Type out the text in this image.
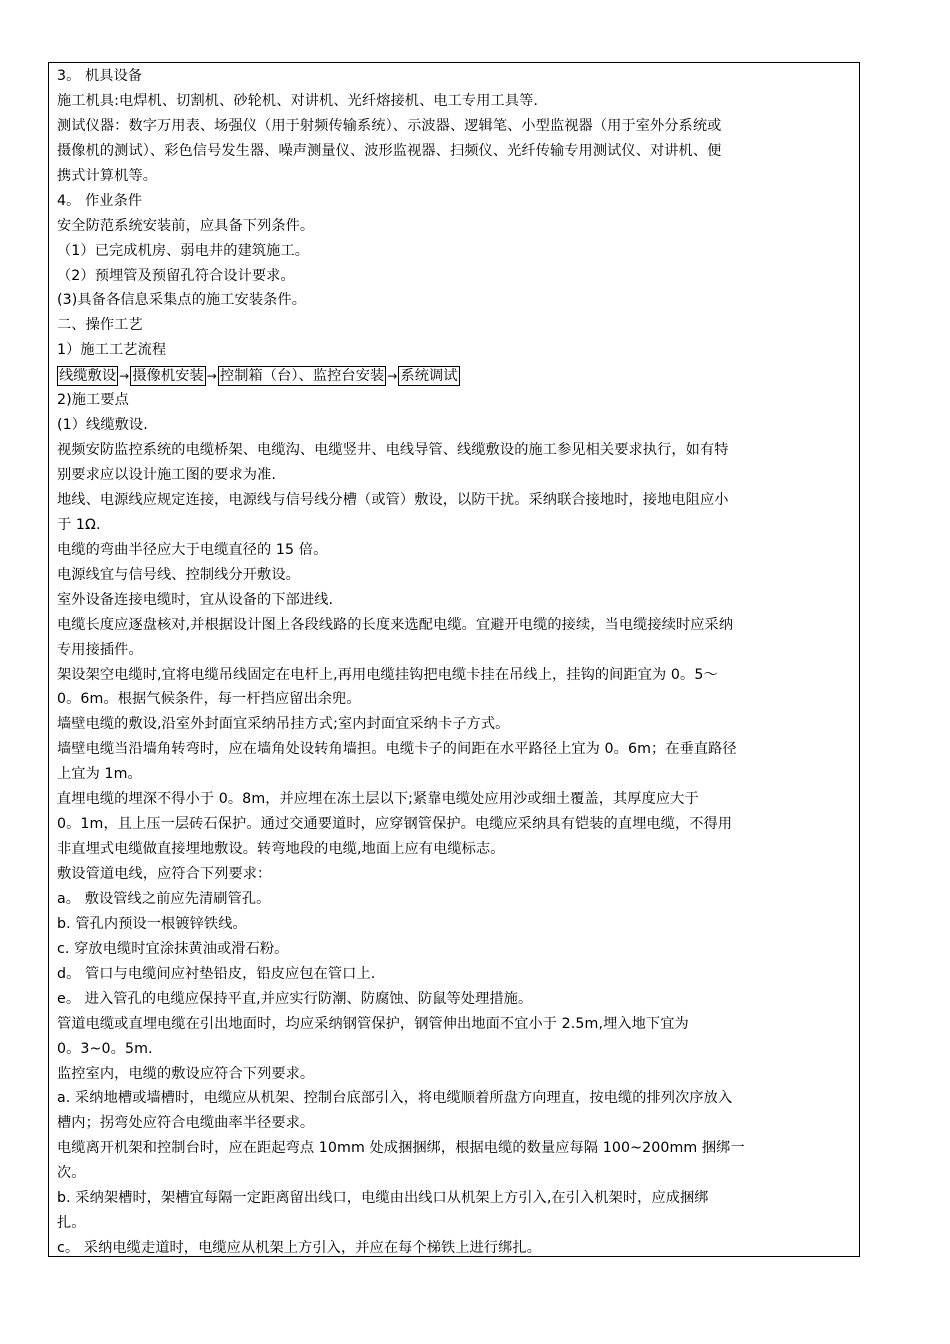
3。 机具设备
施工机具:电焊机、切割机、砂轮机、对讲机、光纤熔接机、电工专用工具等.
测试仪器：数字万用表、场强仪（用于射频传输系统）、示波器、逻辑笔、小型监视器（用于室外分系统或
摄像机的测试）、彩色信号发生器、噪声测量仪、波形监视器、扫频仪、光纤传输专用测试仪、对讲机、便
携式计算机等。
4。 作业条件
安全防范系统安装前，应具备下列条件。
（1）已完成机房、弱电井的建筑施工。
（2）预埋管及预留孔符合设计要求。
(3)具备各信息采集点的施工安装条件。
二、操作工艺
1）施工工艺流程
线缆敷设 → 摄像机安装 → 控制箱（台）、监控台安装 → 系统调试
2)施工要点
(1）线缆敷设.
视频安防监控系统的电缆桥架、电缆沟、电缆竖井、电线导管、线缆敷设的施工参见相关要求执行，如有特
别要求应以设计施工图的要求为准.
地线、电源线应规定连接，电源线与信号线分槽（或管）敷设，以防干扰。采纳联合接地时，接地电阻应小
于 1Ω.
电缆的弯曲半径应大于电缆直径的 15 倍。
电源线宜与信号线、控制线分开敷设。
室外设备连接电缆时，宜从设备的下部进线.
电缆长度应逐盘核对,并根据设计图上各段线路的长度来选配电缆。宜避开电缆的接续，当电缆接续时应采纳
专用接插件。
架设架空电缆时,宜将电缆吊线固定在电杆上,再用电缆挂钩把电缆卡挂在吊线上，挂钩的间距宜为 0。5～
0。6m。根据气候条件，每一杆挡应留出余兜。
墙壁电缆的敷设,沿室外封面宜采纳吊挂方式;室内封面宜采纳卡子方式。
墙壁电缆当沿墙角转弯时，应在墙角处设转角墙担。电缆卡子的间距在水平路径上宜为 0。6m；在垂直路径
上宜为 1m。
直埋电缆的埋深不得小于 0。8m，并应埋在冻土层以下;紧靠电缆处应用沙或细土覆盖，其厚度应大于
0。1m，且上压一层砖石保护。通过交通要道时，应穿钢管保护。电缆应采纳具有铠装的直埋电缆，不得用
非直埋式电缆做直接埋地敷设。转弯地段的电缆,地面上应有电缆标志。
敷设管道电线，应符合下列要求：
a。 敷设管线之前应先清刷管孔。
b. 管孔内预设一根镀锌铁线。
c. 穿放电缆时宜涂抹黄油或滑石粉。
d。 管口与电缆间应衬垫铅皮，铅皮应包在管口上.
e。 进入管孔的电缆应保持平直,并应实行防潮、防腐蚀、防鼠等处理措施。
管道电缆或直埋电缆在引出地面时，均应采纳钢管保护，钢管伸出地面不宜小于 2.5m,埋入地下宜为
0。3~0。5m.
监控室内，电缆的敷设应符合下列要求。
a. 采纳地槽或墙槽时，电缆应从机架、控制台底部引入，将电缆顺着所盘方向理直，按电缆的排列次序放入
槽内；拐弯处应符合电缆曲率半径要求。
电缆离开机架和控制台时，应在距起弯点 10mm 处成捆捆绑，根据电缆的数量应每隔 100~200mm 捆绑一
次。
b. 采纳架槽时，架槽宜每隔一定距离留出线口，电缆由出线口从机架上方引入,在引入机架时，应成捆绑
扎。
c。 采纳电缆走道时，电缆应从机架上方引入，并应在每个梯铁上进行绑扎。
